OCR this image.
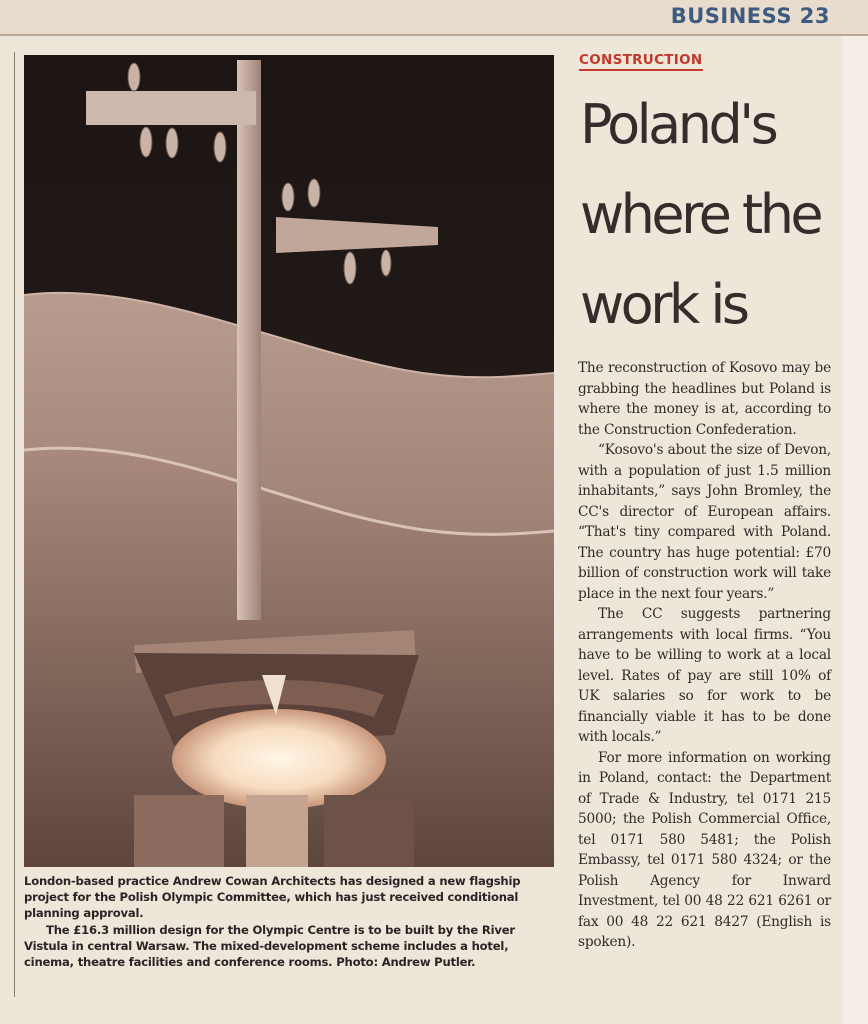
BUSINESS 23

London-based practice Andrew Cowan Architects has designed a new flagship project for the Polish Olympic Committee, which has just received conditional planning approval.

The £16.3 million design for the Olympic Centre is to be built by the River Vistula in central Warsaw. The mixed-development scheme includes a hotel, cinema, theatre facilities and conference rooms. Photo: Andrew Putler.

CONSTRUCTION
Poland's where the work is

The reconstruction of Kosovo may be grabbing the headlines but Poland is where the money is at, according to the Construction Confederation.

“Kosovo's about the size of Devon, with a population of just 1.5 million inhabitants,” says John Bromley, the CC's director of European affairs. “That's tiny compared with Poland. The country has huge potential: £70 billion of construction work will take place in the next four years.”

The CC suggests partnering arrangements with local firms. “You have to be willing to work at a local level. Rates of pay are still 10% of UK salaries so for work to be financially viable it has to be done with locals.”

For more information on working in Poland, contact: the Department of Trade & Industry, tel 0171 215 5000; the Polish Commercial Office, tel 0171 580 5481; the Polish Embassy, tel 0171 580 4324; or the Polish Agency for Inward Investment, tel 00 48 22 621 6261 or fax 00 48 22 621 8427 (English is spoken).
